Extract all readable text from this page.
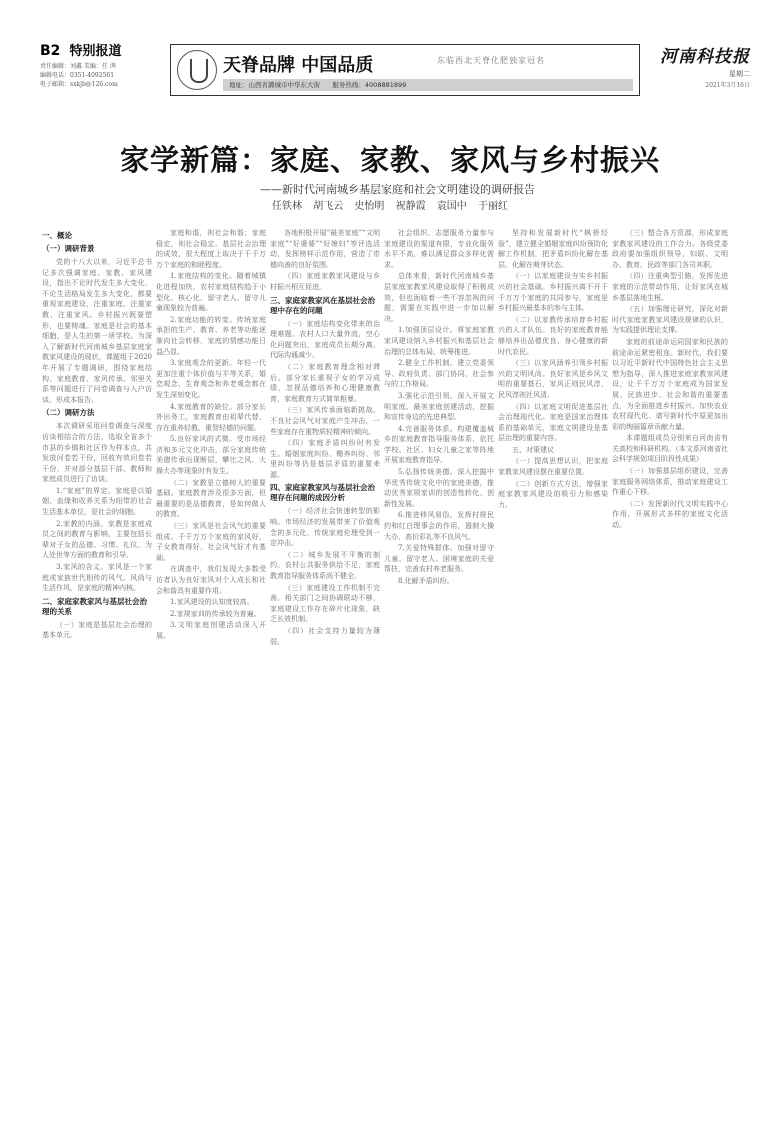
B2 特别报道
责任编辑：刘鑫 美编：任 鸿
编辑电话：0351-4092561
电子邮箱：sxkjb@126.com
天脊品牌 中国品质	东临西北天脊化肥独家冠名
地址：山西省潞城市中华东大街 服务热线：4008881899
河南科技报
星期二
2021年3月16日
家学新篇：家庭、家教、家风与乡村振兴
——新时代河南城乡基层家庭和社会文明建设的调研报告
任铁林 胡飞云 史怡明 祝静霞 袁国中 于丽红
一、概论
（一）调研背景

党的十八大以来，习近平总书记多次强调家庭、家教、家风建设，指出不论时代发生多大变化，不论生活格局发生多大变化，都要重视家庭建设，注重家庭、注重家教、注重家风。乡村振兴既要塑形，也要铸魂。家庭是社会的基本细胞，是人生的第一所学校。为深入了解新时代河南城乡基层家庭家教家风建设的现状，课题组于2020年开展了专题调研，围绕家庭结构、家庭教育、家风传承、邻里关系等问题进行了问卷调查与入户访谈，形成本报告。

（二）调研方法

本次调研采用问卷调查与深度访谈相结合的方法，选取全省多个市县的乡镇和社区作为样本点，共发放问卷若干份，回收有效问卷若干份，并对部分基层干部、教师和家庭成员进行了访谈。

1.“家庭”的界定。家庭是以婚姻、血缘和收养关系为纽带的社会生活基本单位，是社会的细胞。

2.家教的内涵。家教是家庭成员之间的教育与影响，主要包括长辈对子女的品德、习惯、礼仪、为人处世等方面的教育和引导。

3.家风的含义。家风是一个家庭或家族世代相传的风气、风尚与生活作风，是家庭的精神内核。

二、家庭家教家风与基层社会治理的关系

（一）家庭是基层社会治理的基本单元。

家庭和谐，则社会和谐；家庭稳定，则社会稳定。基层社会治理的成效，很大程度上取决于千千万万个家庭的和睦程度。

1.家庭结构的变化。随着城镇化进程加快，农村家庭结构趋于小型化、核心化，留守老人、留守儿童现象较为普遍。

2.家庭功能的转变。传统家庭承担的生产、教育、养老等功能逐渐向社会转移，家庭的情感功能日益凸显。

3.家庭观念的更新。年轻一代更加注重个体价值与平等关系，婚恋观念、生育观念和养老观念都在发生深刻变化。

4.家庭教育的缺位。部分家长外出务工，家庭教育由祖辈代替，存在重养轻教、重智轻德的问题。

5.良好家风的式微。受市场经济和多元文化冲击，部分家庭传统美德传承出现断层，攀比之风、大操大办等现象时有发生。

（二）家教是立德树人的重要基础。家庭教育涉及很多方面，但最重要的是品德教育，是如何做人的教育。

（三）家风是社会风气的重要组成。千千万万个家庭的家风好，子女教育得好，社会风气好才有基础。

在调查中，我们发现大多数受访者认为良好家风对个人成长和社会和谐具有重要作用。

1.家风建设的认知度较高。

2.家规家训的传承较为普遍。

3.文明家庭创建活动深入开展。

各地积极开展“最美家庭”“文明家庭”“好婆婆”“好媳妇”等评选活动，发挥榜样示范作用，营造了崇德向善的良好氛围。

（四）家庭家教家风建设与乡村振兴相互促进。

三、家庭家教家风在基层社会治理中存在的问题

（一）家庭结构变化带来的治理难题。农村人口大量外流，空心化问题突出，家庭成员长期分离，代际沟通减少。

（二）家庭教育理念相对滞后。部分家长重视子女的学习成绩，忽视品德培养和心理健康教育，家庭教育方式简单粗暴。

（三）家风传承面临新挑战。不良社会风气对家庭产生冲击，一些家庭存在重物质轻精神的倾向。

（四）家庭矛盾纠纷时有发生。婚姻家庭纠纷、赡养纠纷、邻里纠纷等仍是基层矛盾的重要来源。

四、家庭家教家风与基层社会治理存在问题的成因分析

（一）经济社会快速转型的影响。市场经济的发展带来了价值观念的多元化，传统家庭伦理受到一定冲击。

（二）城乡发展不平衡的制约。农村公共服务供给不足，家庭教育指导服务体系尚不健全。

（三）家庭建设工作机制不完善。相关部门之间协调联动不够，家庭建设工作存在碎片化现象，缺乏长效机制。

（四）社会支持力量较为薄弱。

社会组织、志愿服务力量参与家庭建设的渠道有限，专业化服务水平不高，难以满足群众多样化需求。

总体来看，新时代河南城乡基层家庭家教家风建设取得了积极成效，但也面临着一些不容忽视的问题，需要在实践中进一步加以解决。

1.加强顶层设计。将家庭家教家风建设纳入乡村振兴和基层社会治理的总体布局，统筹推进。

2.健全工作机制。建立党委领导、政府负责、部门协同、社会参与的工作格局。

3.强化示范引领。深入开展文明家庭、最美家庭创建活动，挖掘和宣传身边的先进典型。

4.完善服务体系。构建覆盖城乡的家庭教育指导服务体系，依托学校、社区、妇女儿童之家等阵地开展家庭教育指导。

5.弘扬传统美德。深入挖掘中华优秀传统文化中的家庭美德，推动优秀家规家训的创造性转化、创新性发展。

6.推进移风易俗。发挥村规民约和红白理事会的作用，遏制大操大办、高价彩礼等不良风气。

7.关爱特殊群体。加强对留守儿童、留守老人、困境家庭的关爱帮扶，完善农村养老服务。

8.化解矛盾纠纷。

坚持和发展新时代“枫桥经验”，建立健全婚姻家庭纠纷预防化解工作机制，把矛盾纠纷化解在基层、化解在萌芽状态。

（一）以家庭建设夯实乡村振兴的社会基础。乡村振兴离不开千千万万个家庭的共同参与，家庭是乡村振兴最基本的参与主体。

（二）以家教传承培育乡村振兴的人才队伍。良好的家庭教育能够培养出品德优良、身心健康的新时代农民。

（三）以家风涵养引领乡村振兴的文明风尚。良好家风是乡风文明的重要基石，家风正则民风淳，民风淳则社风清。

（四）以家庭文明促进基层社会治理现代化。家庭是国家治理体系的基础单元，家庭文明建设是基层治理的重要内容。

五、对策建议

（一）提高思想认识，把家庭家教家风建设摆在重要位置。

（二）创新方式方法，增强家庭家教家风建设的吸引力和感染力。

（三）整合各方资源，形成家庭家教家风建设的工作合力。各级党委政府要加强组织领导，妇联、文明办、教育、民政等部门各司其职。

（四）注重典型引路，发挥先进家庭的示范带动作用，让好家风在城乡基层落地生根。

（五）加强理论研究，深化对新时代家庭家教家风建设规律的认识，为实践提供理论支撑。

家庭的前途命运同国家和民族的前途命运紧密相连。新时代，我们要以习近平新时代中国特色社会主义思想为指导，深入推进家庭家教家风建设，让千千万万个家庭成为国家发展、民族进步、社会和谐的重要基点，为全面推进乡村振兴、加快农业农村现代化、谱写新时代中原更加出彩的绚丽篇章贡献力量。

本课题组成员分别来自河南省有关高校和科研机构。（本文系河南省社会科学规划项目阶段性成果）

（一）加强基层组织建设，完善家庭服务网络体系，推动家庭建设工作重心下移。

（二）发挥新时代文明实践中心作用，开展形式多样的家庭文化活动。
